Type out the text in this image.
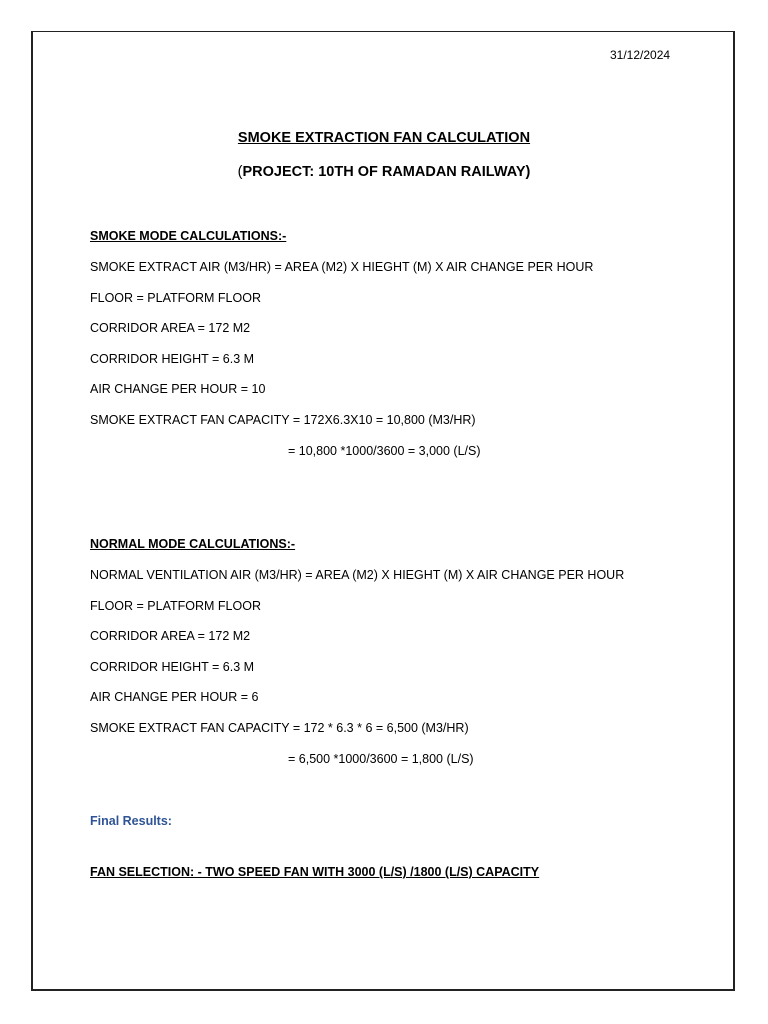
31/12/2024
SMOKE EXTRACTION FAN CALCULATION
(PROJECT: 10TH OF RAMADAN RAILWAY)
SMOKE MODE CALCULATIONS:-
SMOKE EXTRACT AIR (M3/HR) = AREA (M2) X HIEGHT (M) X AIR CHANGE PER HOUR
FLOOR = PLATFORM FLOOR
CORRIDOR AREA = 172 M2
CORRIDOR HEIGHT = 6.3 M
AIR CHANGE PER HOUR = 10
SMOKE EXTRACT FAN CAPACITY = 172X6.3X10 = 10,800 (M3/HR)
= 10,800 *1000/3600 = 3,000 (L/S)
NORMAL MODE CALCULATIONS:-
NORMAL VENTILATION AIR (M3/HR) = AREA (M2) X HIEGHT (M) X AIR CHANGE PER HOUR
FLOOR = PLATFORM FLOOR
CORRIDOR AREA = 172 M2
CORRIDOR HEIGHT = 6.3 M
AIR CHANGE PER HOUR = 6
SMOKE EXTRACT FAN CAPACITY = 172 * 6.3 * 6 = 6,500 (M3/HR)
= 6,500 *1000/3600 = 1,800 (L/S)
Final Results:
FAN SELECTION: - TWO SPEED FAN WITH 3000 (L/S) /1800 (L/S) CAPACITY
